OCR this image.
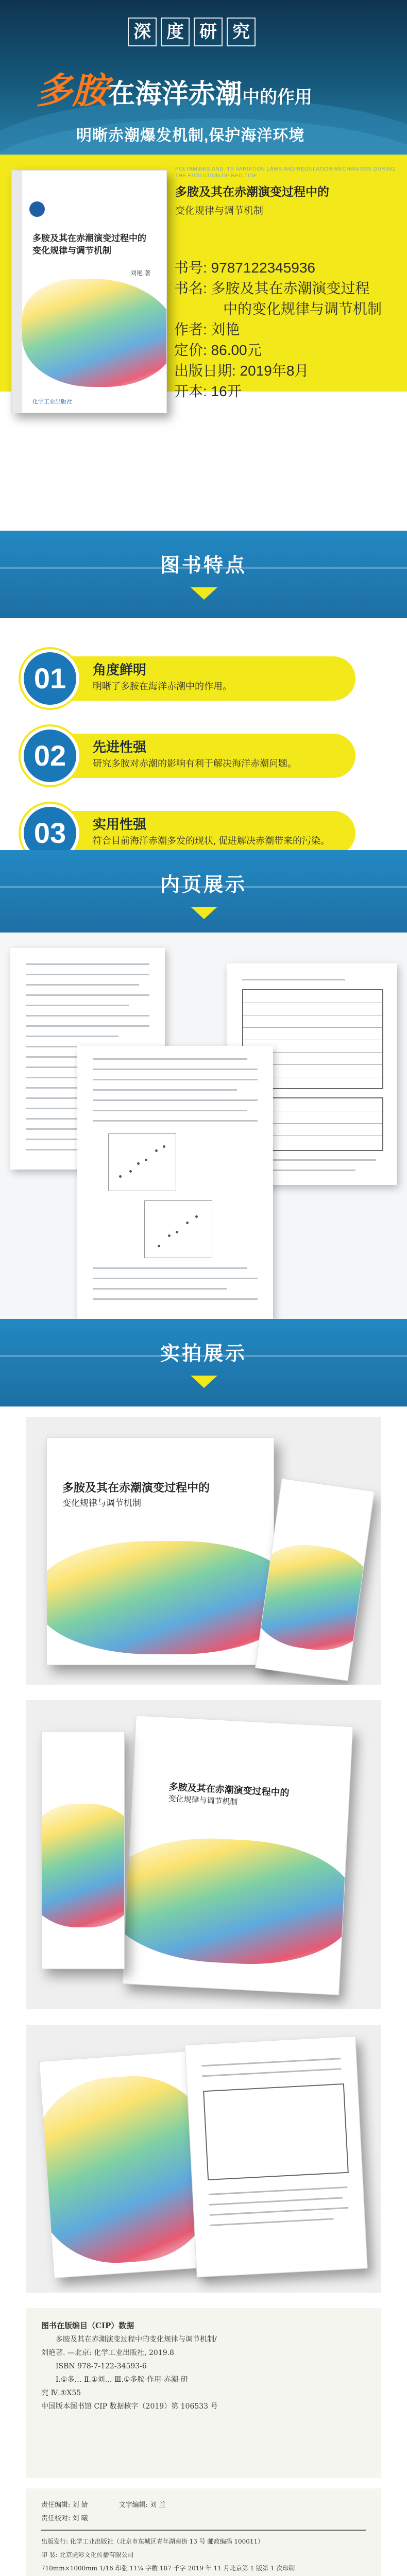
深 度 研 究
多胺在海洋赤潮中的作用
明晰赤潮爆发机制,保护海洋环境
多胺及其在赤潮演变过程中的
变化规律与调节机制
刘艳 著
化学工业出版社
POLYAMINES AND ITS VARIATION LAWS AND REGULATION MECHANISMS DURING THE EVOLUTION OF RED TIDE
多胺及其在赤潮演变过程中的
变化规律与调节机制
书号: 9787122345936
书名: 多胺及其在赤潮演变过程
中的变化规律与调节机制
作者: 刘艳
定价: 86.00元
出版日期: 2019年8月
开本: 16开
图书特点
01	角度鲜明
明晰了多胺在海洋赤潮中的作用。
02	先进性强
研究多胺对赤潮的影响有利于解决海洋赤潮问题。
03	实用性强
符合目前海洋赤潮多发的现状, 促进解决赤潮带来的污染。
内页展示
实拍展示
多胺及其在赤潮演变过程中的
变化规律与调节机制
多胺及其在赤潮演变过程中的
变化规律与调节机制
图书在版编目（CIP）数据
多胺及其在赤潮演变过程中的变化规律与调节机制/
刘艳著. —北京: 化学工业出版社, 2019.8
ISBN 978-7-122-34593-6
Ⅰ.①多… Ⅱ.①刘… Ⅲ.①多胺-作用-赤潮-研
究 Ⅳ.①X55
中国版本图书馆 CIP 数据核字（2019）第 106533 号
责任编辑: 刘 婧	文字编辑: 刘 兰
责任校对: 刘 曦
出版发行: 化学工业出版社（北京市东城区青年湖南街 13 号 邮政编码 100011）
印 装: 北京虎彩文化传播有限公司
710mm×1000mm 1/16 印张 11¼ 字数 187 千字 2019 年 11 月北京第 1 版第 1 次印刷
